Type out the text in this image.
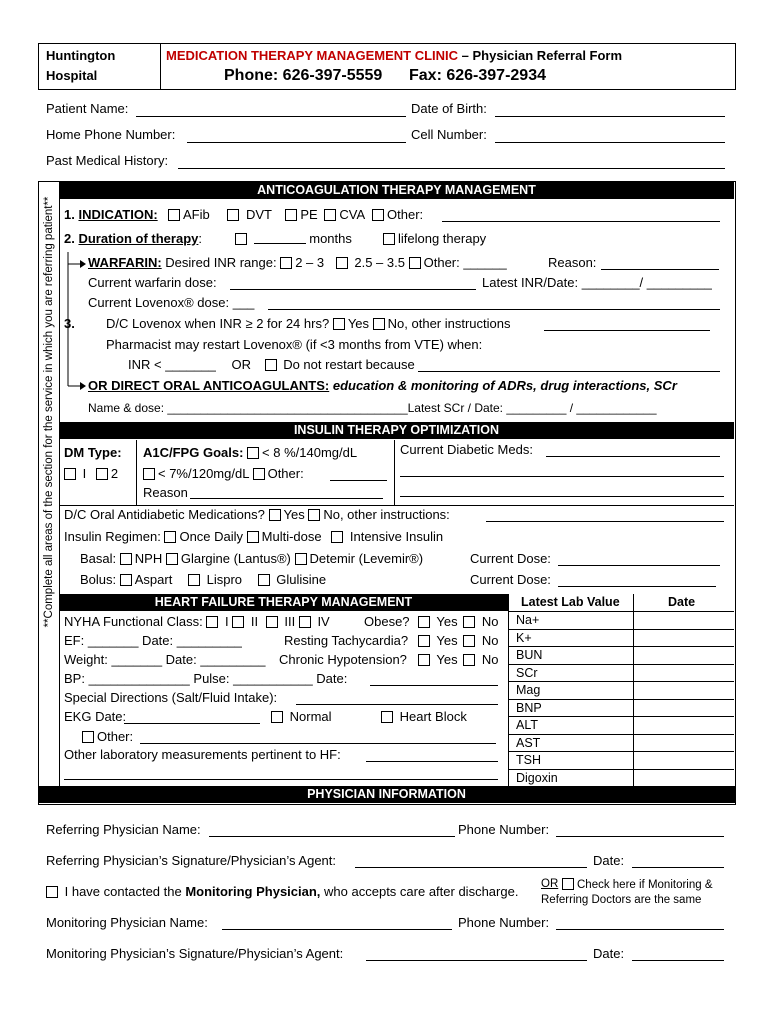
Huntington
Hospital
MEDICATION THERAPY MANAGEMENT CLINIC – Physician Referral Form
Phone: 626-397-5559 Fax: 626-397-2934
Patient Name:	Date of Birth:
Home Phone Number:	Cell Number:
Past Medical History:
**Complete all areas of the section for the service in which you are referring patient**
ANTICOAGULATION THERAPY MANAGEMENT
1. INDICATION:	AFib	DVT PE CVA Other:
2. Duration of therapy:	months	lifelong therapy
WARFARIN: Desired INR range: 2 – 3 2.5 – 3.5 Other: ______	Reason:
Current warfarin dose:	Latest INR/Date: ________/ _________
Current Lovenox® dose: ___
3. D/C Lovenox when INR ≥ 2 for 24 hrs? Yes No, other instructions
Pharmacist may restart Lovenox® (if <3 months from VTE) when:
INR < _______ OR Do not restart because
OR DIRECT ORAL ANTICOAGULANTS: education & monitoring of ADRs, drug interactions, SCr
Name & dose: ____________________________________Latest SCr / Date: _________ / ____________
INSULIN THERAPY OPTIMIZATION
DM Type:
I 2
A1C/FPG Goals: < 8 %/140mg/dL
< 7%/120mg/dL Other:
Reason
Current Diabetic Meds:
D/C Oral Antidiabetic Medications? Yes No, other instructions:
Insulin Regimen: Once Daily Multi-dose Intensive Insulin
Basal: NPH Glargine (Lantus®) Detemir (Levemir®)	Current Dose:
Bolus: Aspart	Lispro	Glulisine	Current Dose:
HEART FAILURE THERAPY MANAGEMENT
NYHA Functional Class: I II III IV	Obese?	Yes No
EF: _______ Date: _________	Resting Tachycardia?	Yes No
Weight: _______ Date: _________ Chronic Hypotension?	Yes No
BP: ______________ Pulse: ___________ Date:
Special Directions (Salt/Fluid Intake):
EKG Date:	Normal	Heart Block
Other:
Other laboratory measurements pertinent to HF:
Latest Lab Value	Date
Na+
K+
BUN
SCr
Mag
BNP
ALT
AST
TSH
Digoxin
PHYSICIAN INFORMATION
Referring Physician Name:	Phone Number:
Referring Physician’s Signature/Physician’s Agent:	Date:
I have contacted the Monitoring Physician, who accepts care after discharge. OR	Check here if Monitoring &
Referring Doctors are the same
Monitoring Physician Name:	Phone Number:
Monitoring Physician’s Signature/Physician’s Agent:	Date:
